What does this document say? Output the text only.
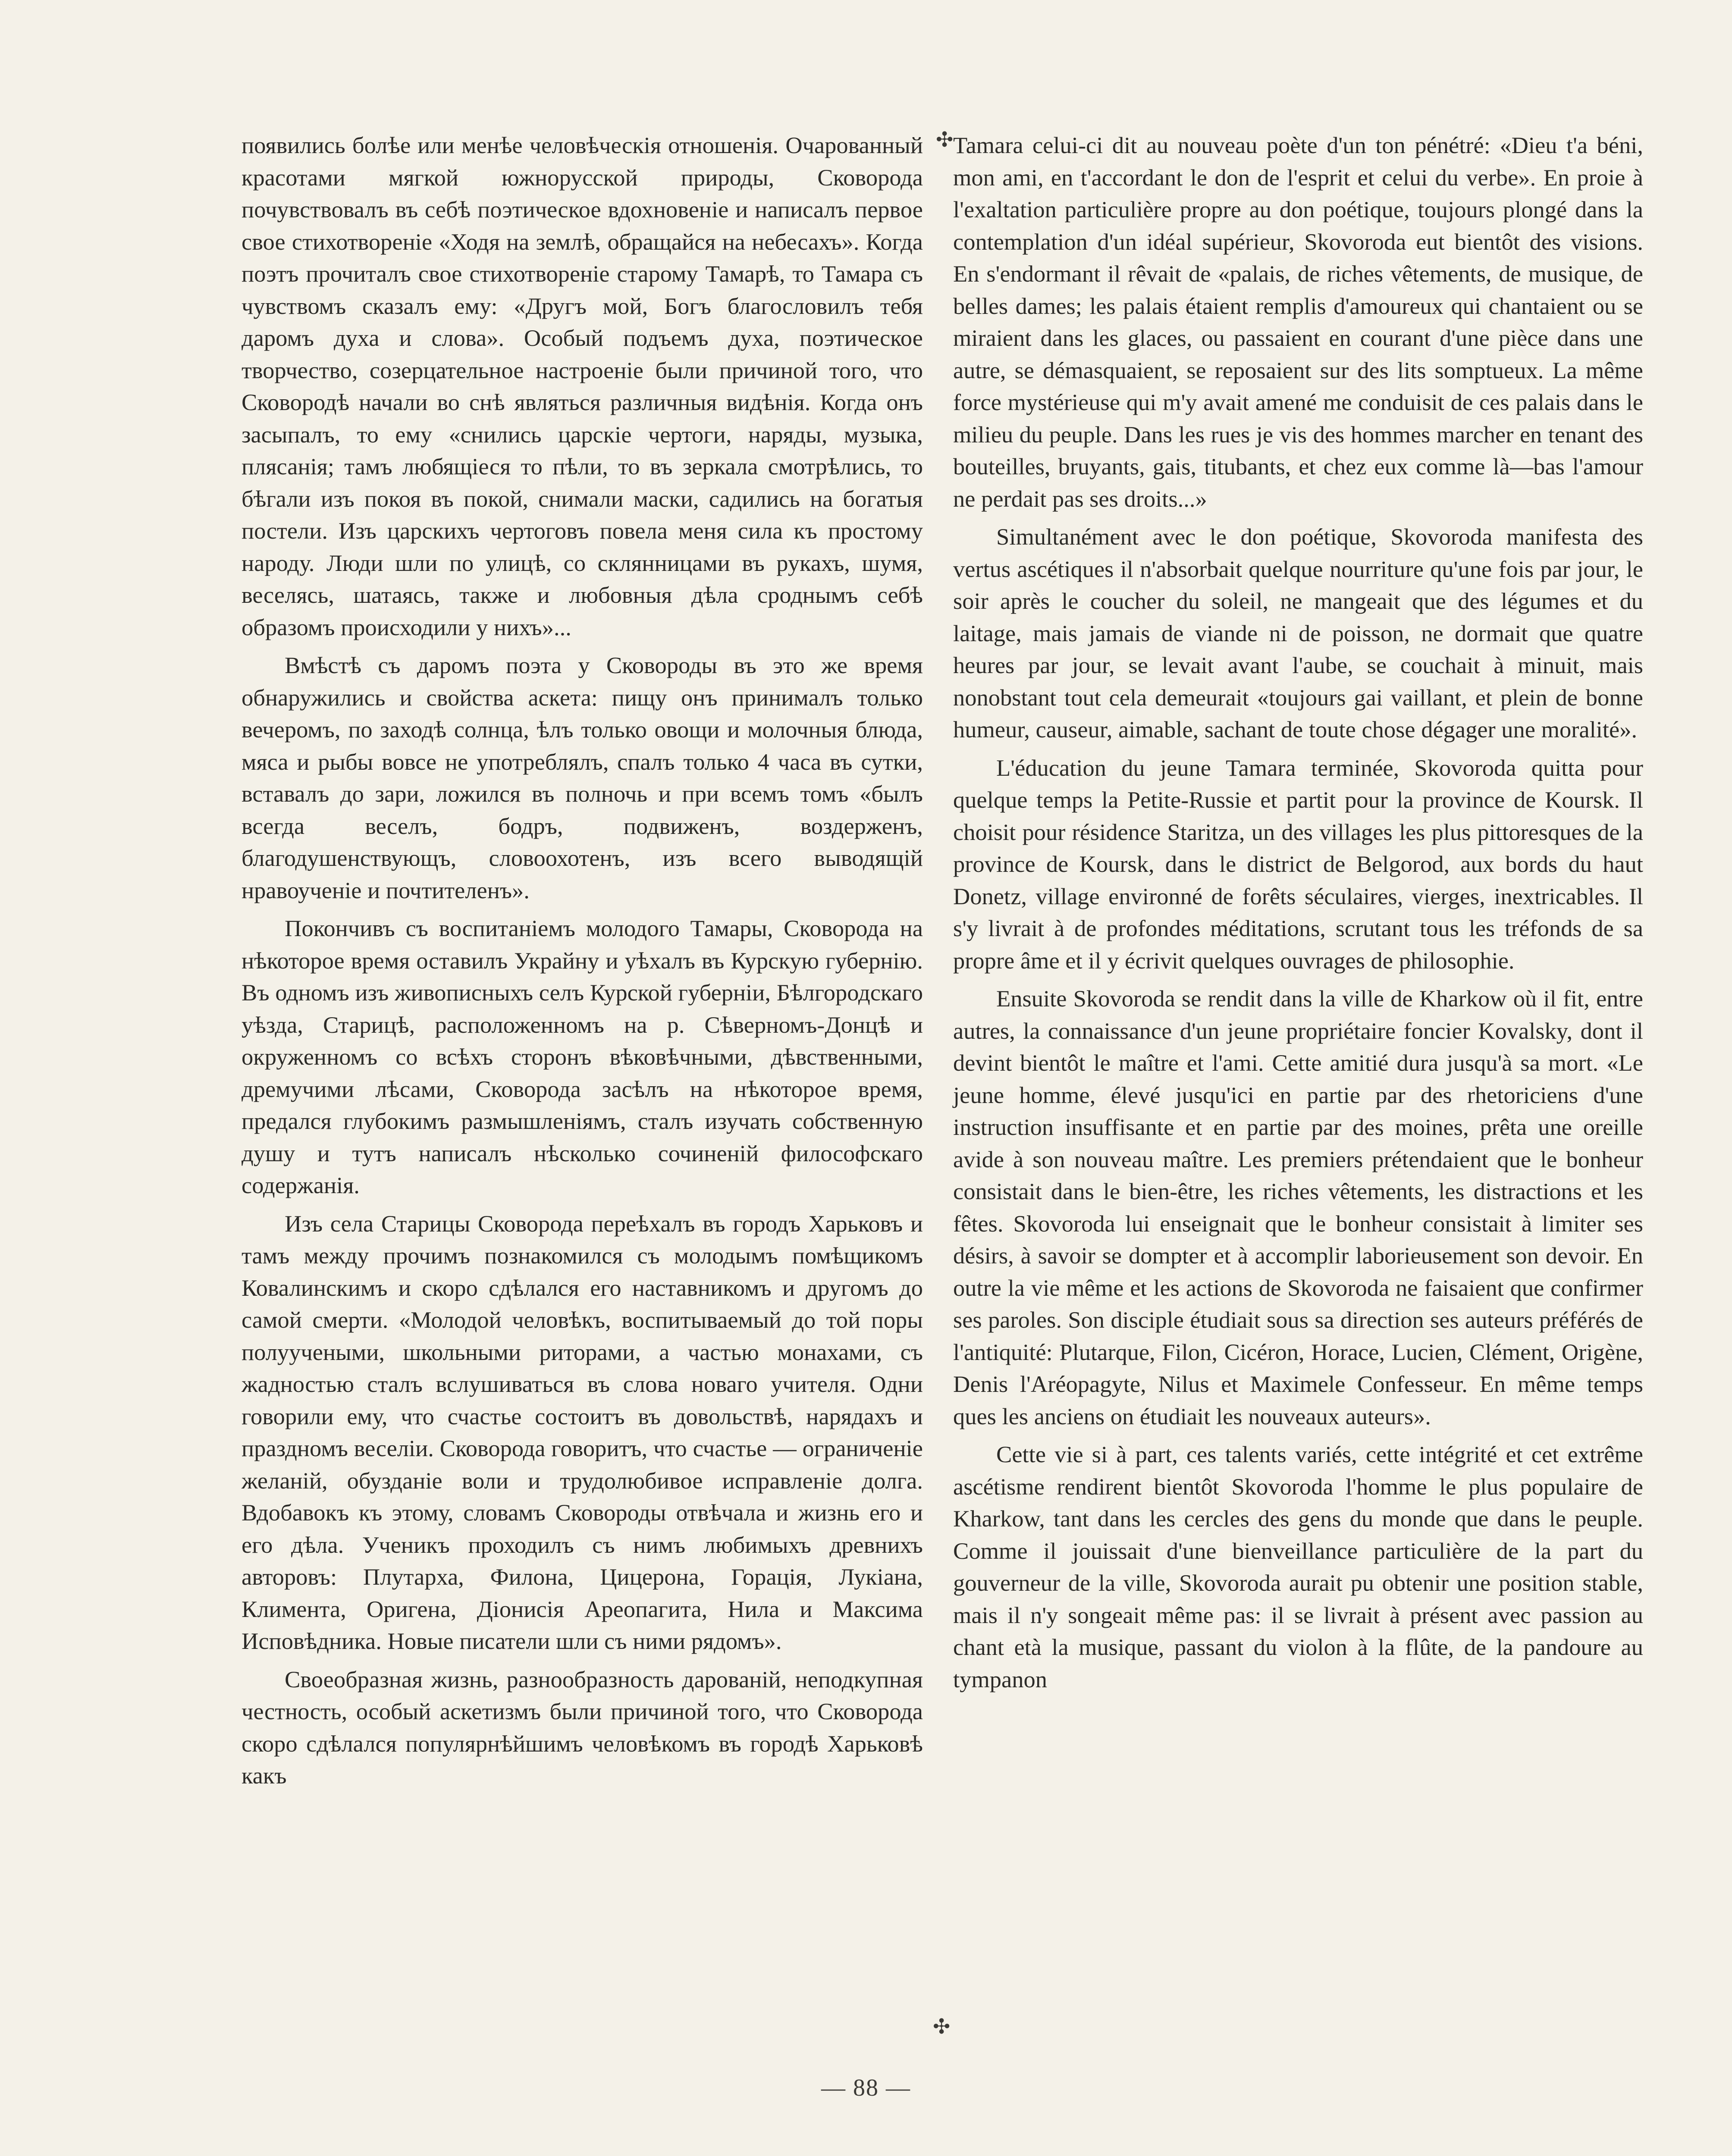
появились болѣе или менѣе человѣческія отношенія. Очарованный красотами мягкой южнорусской природы, Сковорода почувствовалъ въ себѣ поэтическое вдохновеніе и написалъ первое свое стихотвореніе «Ходя на землѣ, обращайся на небесахъ». Когда поэтъ прочиталъ свое стихотвореніе старому Тамарѣ, то Тамара съ чувствомъ сказалъ ему: «Другъ мой, Богъ благословилъ тебя даромъ духа и слова». Особый подъемъ духа, поэтическое творчество, созерцательное настроеніе были причиной того, что Сковородѣ начали во снѣ являться различныя видѣнія. Когда онъ засыпалъ, то ему «снились царскіе чертоги, наряды, музыка, плясанія; тамъ любящіеся то пѣли, то въ зеркала смотрѣлись, то бѣгали изъ покоя въ покой, снимали маски, садились на богатыя постели. Изъ царскихъ чертоговъ повела меня сила къ простому народу. Люди шли по улицѣ, со склянницами въ рукахъ, шумя, веселясь, шатаясь, также и любовныя дѣла сроднымъ себѣ образомъ происходили у нихъ»...

Вмѣстѣ съ даромъ поэта у Сковороды въ это же время обнаружились и свойства аскета: пищу онъ принималъ только вечеромъ, по заходѣ солнца, ѣлъ только овощи и молочныя блюда, мяса и рыбы вовсе не употреблялъ, спалъ только 4 часа въ сутки, вставалъ до зари, ложился въ полночь и при всемъ томъ «былъ всегда веселъ, бодръ, подвиженъ, воздерженъ, благодушенствующъ, словоохотенъ, изъ всего выводящій нравоученіе и почтителенъ».

Покончивъ съ воспитаніемъ молодого Тамары, Сковорода на нѣкоторое время оставилъ Украйну и уѣхалъ въ Курскую губернію. Въ одномъ изъ живописныхъ селъ Курской губерніи, Бѣлгородскаго уѣзда, Старицѣ, расположенномъ на р. Сѣверномъ-Донцѣ и окруженномъ со всѣхъ сторонъ вѣковѣчными, дѣвственными, дремучими лѣсами, Сковорода засѣлъ на нѣкоторое время, предался глубокимъ размышленіямъ, сталъ изучать собственную душу и тутъ написалъ нѣсколько сочиненій философскаго содержанія.

Изъ села Старицы Сковорода переѣхалъ въ городъ Харьковъ и тамъ между прочимъ познакомился съ молодымъ помѣщикомъ Ковалинскимъ и скоро сдѣлался его наставникомъ и другомъ до самой смерти. «Молодой человѣкъ, воспитываемый до той поры полуучеными, школьными риторами, а частью монахами, съ жадностью сталъ вслушиваться въ слова новаго учителя. Одни говорили ему, что счастье состоитъ въ довольствѣ, нарядахъ и праздномъ веселіи. Сковорода говоритъ, что счастье — ограниченіе желаній, обузданіе воли и трудолюбивое исправленіе долга. Вдобавокъ къ этому, словамъ Сковороды отвѣчала и жизнь его и его дѣла. Ученикъ проходилъ съ нимъ любимыхъ древнихъ авторовъ: Плутарха, Филона, Цицерона, Горація, Лукіана, Климента, Оригена, Діонисія Ареопагита, Нила и Максима Исповѣдника. Новые писатели шли съ ними рядомъ».

Своеобразная жизнь, разнообразность дарованій, неподкупная честность, особый аскетизмъ были причиной того, что Сковорода скоро сдѣлался популярнѣйшимъ человѣкомъ въ городѣ Харьковѣ какъ

✣
✣

Tamara celui-ci dit au nouveau poète d'un ton pénétré: «Dieu t'a béni, mon ami, en t'accordant le don de l'esprit et celui du verbe». En proie à l'exaltation particulière propre au don poétique, toujours plongé dans la contemplation d'un idéal supérieur, Skovoroda eut bientôt des visions. En s'endormant il rêvait de «palais, de riches vêtements, de musique, de belles dames; les palais étaient remplis d'amoureux qui chantaient ou se miraient dans les glaces, ou passaient en courant d'une pièce dans une autre, se démasquaient, se reposaient sur des lits somptueux. La même force mystérieuse qui m'y avait amené me conduisit de ces palais dans le milieu du peuple. Dans les rues je vis des hommes marcher en tenant des bouteilles, bruyants, gais, titubants, et chez eux comme là—bas l'amour ne perdait pas ses droits...»

Simultanément avec le don poétique, Skovoroda manifesta des vertus ascétiques il n'absorbait quelque nourriture qu'une fois par jour, le soir après le coucher du soleil, ne mangeait que des légumes et du laitage, mais jamais de viande ni de poisson, ne dormait que quatre heures par jour, se levait avant l'aube, se couchait à minuit, mais nonobstant tout cela demeurait «toujours gai vaillant, et plein de bonne humeur, causeur, aimable, sachant de toute chose dégager une moralité».

L'éducation du jeune Tamara terminée, Skovoroda quitta pour quelque temps la Petite-Russie et partit pour la province de Koursk. Il choisit pour résidence Staritza, un des villages les plus pittoresques de la province de Koursk, dans le district de Belgorod, aux bords du haut Donetz, village environné de forêts séculaires, vierges, inextricables. Il s'y livrait à de profondes méditations, scrutant tous les tréfonds de sa propre âme et il y écrivit quelques ouvrages de philosophie.

Ensuite Skovoroda se rendit dans la ville de Kharkow où il fit, entre autres, la connaissance d'un jeune propriétaire foncier Kovalsky, dont il devint bientôt le maître et l'ami. Cette amitié dura jusqu'à sa mort. «Le jeune homme, élevé jusqu'ici en partie par des rhetoriciens d'une instruction insuffisante et en partie par des moines, prêta une oreille avide à son nouveau maître. Les premiers prétendaient que le bonheur consistait dans le bien-être, les riches vêtements, les distractions et les fêtes. Skovoroda lui enseignait que le bonheur consistait à limiter ses désirs, à savoir se dompter et à accomplir laborieusement son devoir. En outre la vie même et les actions de Skovoroda ne faisaient que confirmer ses paroles. Son disciple étudiait sous sa direction ses auteurs préférés de l'antiquité: Plutarque, Filon, Cicéron, Horace, Lucien, Clément, Origène, Denis l'Aréopagyte, Nilus et Maximele Confesseur. En même temps ques les anciens on étudiait les nouveaux auteurs».

Cette vie si à part, ces talents variés, cette intégrité et cet extrême ascétisme rendirent bientôt Skovoroda l'homme le plus populaire de Kharkow, tant dans les cercles des gens du monde que dans le peuple. Comme il jouissait d'une bienveillance particulière de la part du gouverneur de la ville, Skovoroda aurait pu obtenir une position stable, mais il n'y songeait même pas: il se livrait à présent avec passion au chant età la musique, passant du violon à la flûte, de la pandoure au tympanon

— 88 —
